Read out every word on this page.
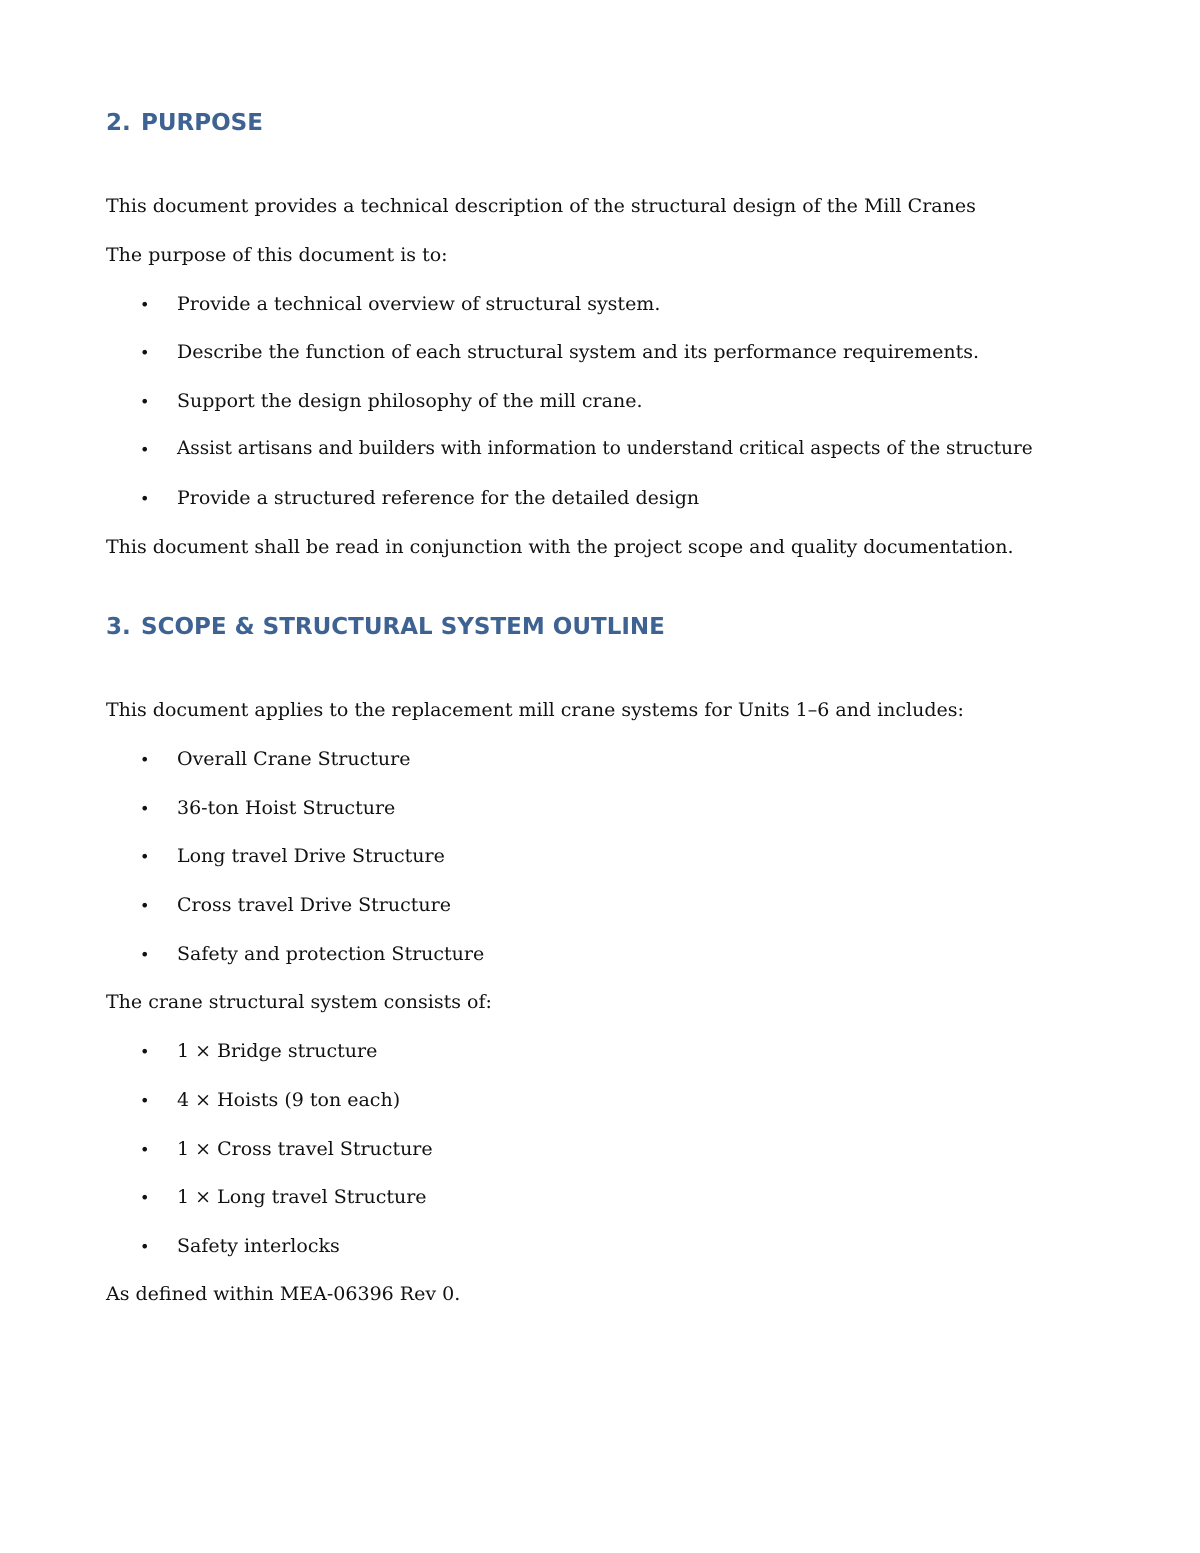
2. PURPOSE

This document provides a technical description of the structural design of the Mill Cranes

The purpose of this document is to:

• Provide a technical overview of structural system.
• Describe the function of each structural system and its performance requirements.
• Support the design philosophy of the mill crane.
• Assist artisans and builders with information to understand critical aspects of the structure
• Provide a structured reference for the detailed design

This document shall be read in conjunction with the project scope and quality documentation.

3. SCOPE & STRUCTURAL SYSTEM OUTLINE

This document applies to the replacement mill crane systems for Units 1–6 and includes:

• Overall Crane Structure
• 36-ton Hoist Structure
• Long travel Drive Structure
• Cross travel Drive Structure
• Safety and protection Structure

The crane structural system consists of:

• 1 × Bridge structure
• 4 × Hoists (9 ton each)
• 1 × Cross travel Structure
• 1 × Long travel Structure
• Safety interlocks

As defined within MEA-06396 Rev 0.
